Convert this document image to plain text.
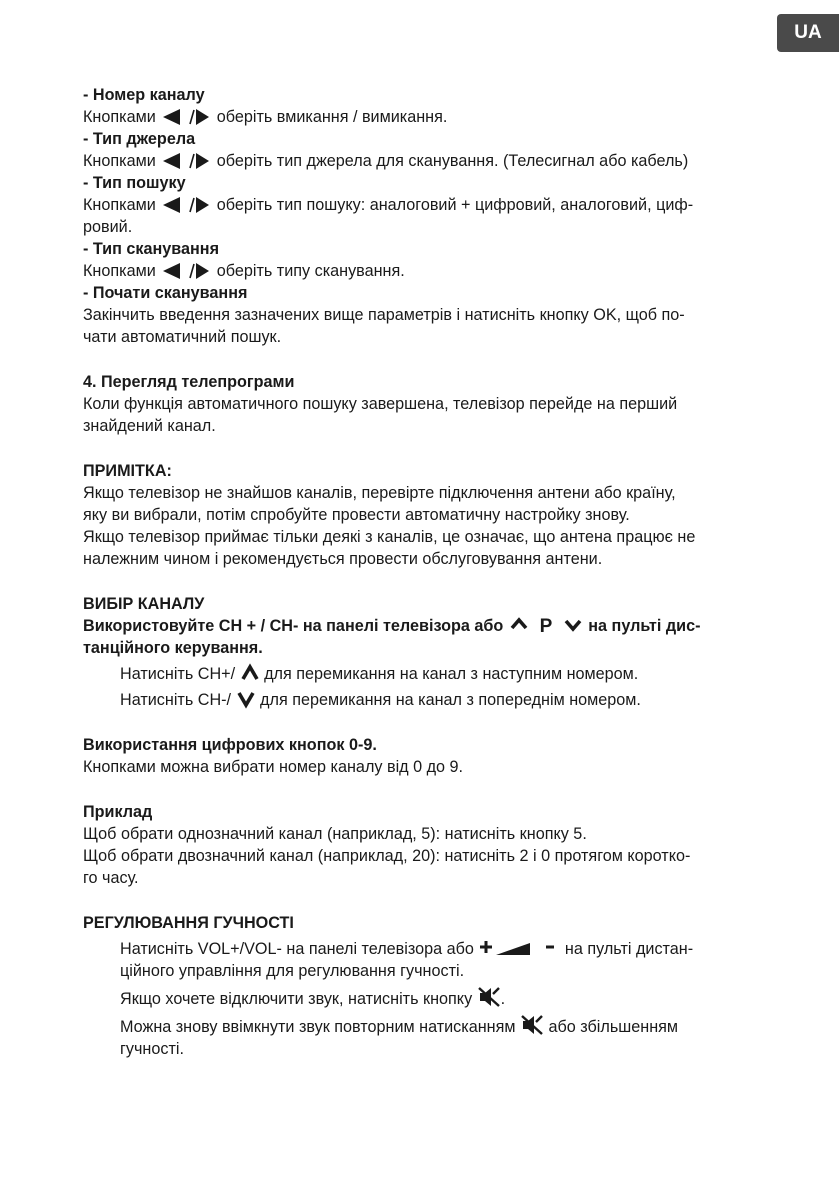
UA

- Номер каналу

Кнопками	оберіть вмикання / вимикання.

- Тип джерела

Кнопками	оберіть тип джерела для сканування. (Телесигнал або кабель)

- Тип пошуку

Кнопками	оберіть тип пошуку: аналоговий + цифровий, аналоговий, циф-

ровий.

- Тип сканування

Кнопками	оберіть типу сканування.

- Почати сканування

Закінчить введення зазначених вище параметрів і натисніть кнопку OK, щоб по-

чати автоматичний пошук.

4. Перегляд телепрограми

Коли функція автоматичного пошуку завершена, телевізор перейде на перший

знайдений канал.

ПРИМІТКА:

Якщо телевізор не знайшов каналів, перевірте підключення антени або країну,

яку ви вибрали, потім спробуйте провести автоматичну настройку знову.

Якщо телевізор приймає тільки деякі з каналів, це означає, що антена працює не

належним чином і рекомендується провести обслуговування антени.

ВИБІР КАНАЛУ

Використовуйте CH + / CH- на панелі телевізора або P на пульті дис-

танційного керування.

Натисніть CH+/ для перемикання на канал з наступним номером.

Натисніть CH-/ для перемикання на канал з попереднім номером.

Використання цифрових кнопок 0-9.

Кнопками можна вибрати номер каналу від 0 до 9.

Приклад

Щоб обрати однозначний канал (наприклад, 5): натисніть кнопку 5.

Щоб обрати двозначний канал (наприклад, 20): натисніть 2 і 0 протягом коротко-

го часу.

РЕГУЛЮВАННЯ ГУЧНОСТІ

Натисніть VOL+/VOL- на панелі телевізора або	на пульті дистан-

ційного управління для регулювання гучності.

Якщо хочете відключити звук, натисніть кнопку .

Можна знову ввімкнути звук повторним натисканням або збільшенням

гучності.
